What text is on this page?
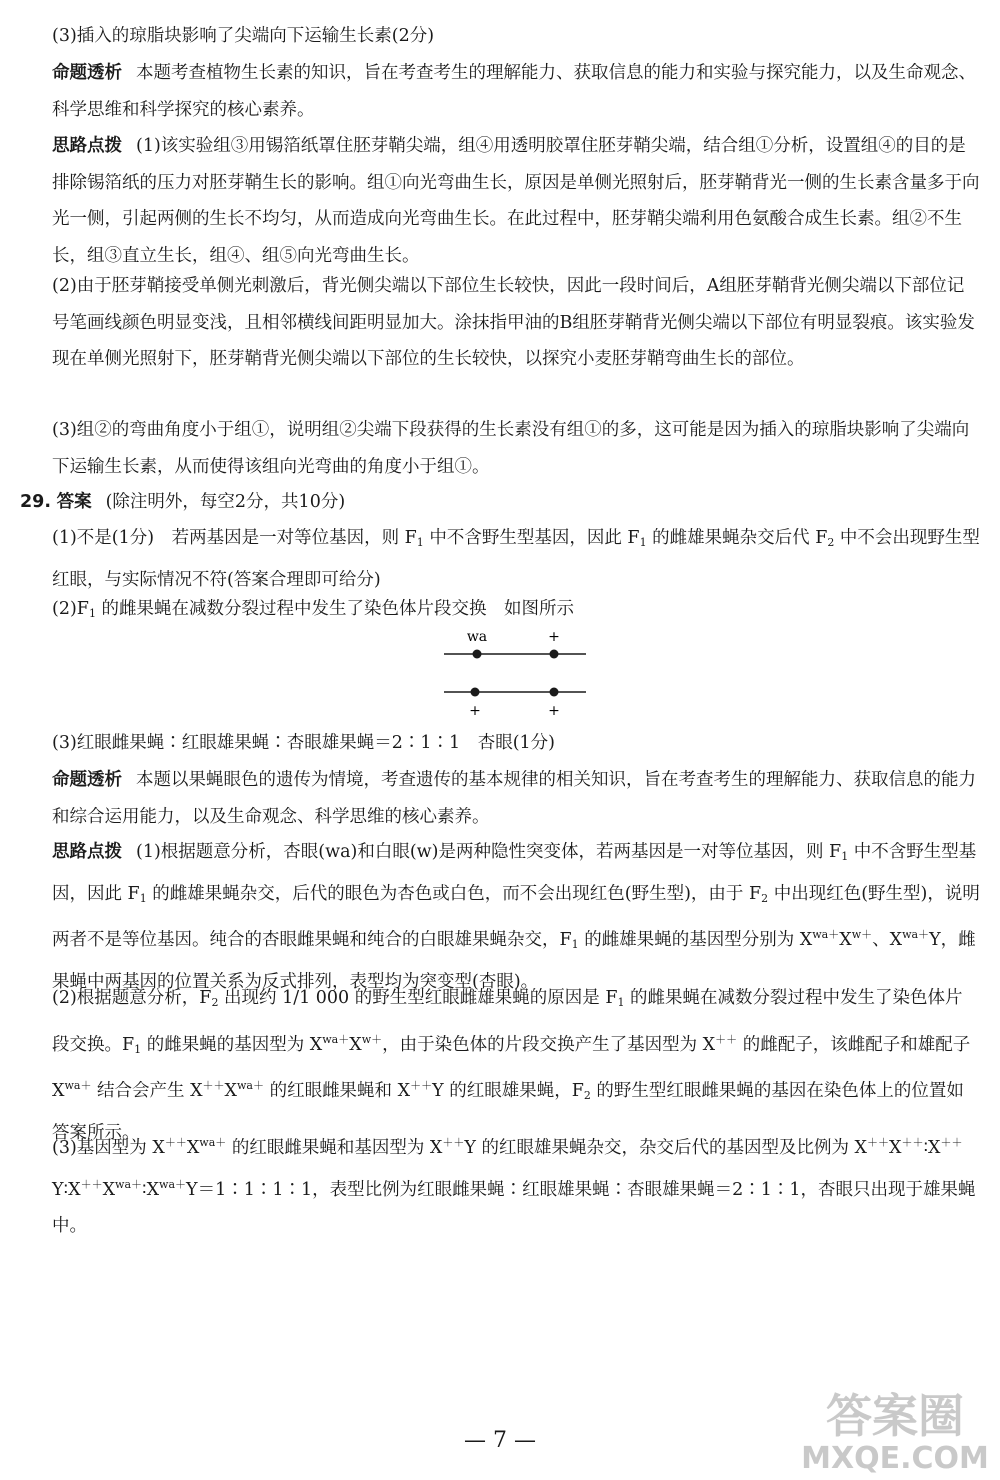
(3)插入的琼脂块影响了尖端向下运输生长素(2分)

命题透析 本题考查植物生长素的知识，旨在考查考生的理解能力、获取信息的能力和实验与探究能力，以及生命观念、科学思维和科学探究的核心素养。

思路点拨 (1)该实验组③用锡箔纸罩住胚芽鞘尖端，组④用透明胶罩住胚芽鞘尖端，结合组①分析，设置组④的目的是排除锡箔纸的压力对胚芽鞘生长的影响。组①向光弯曲生长，原因是单侧光照射后，胚芽鞘背光一侧的生长素含量多于向光一侧，引起两侧的生长不均匀，从而造成向光弯曲生长。在此过程中，胚芽鞘尖端利用色氨酸合成生长素。组②不生长，组③直立生长，组④、组⑤向光弯曲生长。

(2)由于胚芽鞘接受单侧光刺激后，背光侧尖端以下部位生长较快，因此一段时间后，A组胚芽鞘背光侧尖端以下部位记号笔画线颜色明显变浅，且相邻横线间距明显加大。涂抹指甲油的B组胚芽鞘背光侧尖端以下部位有明显裂痕。该实验发现在单侧光照射下，胚芽鞘背光侧尖端以下部位的生长较快，以探究小麦胚芽鞘弯曲生长的部位。

(3)组②的弯曲角度小于组①，说明组②尖端下段获得的生长素没有组①的多，这可能是因为插入的琼脂块影响了尖端向下运输生长素，从而使得该组向光弯曲的角度小于组①。

29. 答案 (除注明外，每空2分，共10分)

(1)不是(1分)　若两基因是一对等位基因，则 $F_1$ 中不含野生型基因，因此 $F_1$ 的雌雄果蝇杂交后代 $F_2$ 中不会出现野生型红眼，与实际情况不符(答案合理即可给分)

$(2)F_1$ 的雌果蝇在减数分裂过程中发生了染色体片段交换　如图所示

wa	+
+	+

(3)红眼雌果蝇∶红眼雄果蝇∶杏眼雄果蝇＝2∶1∶1　杏眼(1分)

命题透析 本题以果蝇眼色的遗传为情境，考查遗传的基本规律的相关知识，旨在考查考生的理解能力、获取信息的能力和综合运用能力，以及生命观念、科学思维的核心素养。

思路点拨 (1)根据题意分析，杏眼(wa)和白眼(w)是两种隐性突变体，若两基因是一对等位基因，则 $F_1$ 中不含野生型基因，因此 $F_1$ 的雌雄果蝇杂交，后代的眼色为杏色或白色，而不会出现红色(野生型)，由于 $F_2$ 中出现红色(野生型)，说明两者不是等位基因。纯合的杏眼雌果蝇和纯合的白眼雄果蝇杂交，$F_1$ 的雌雄果蝇的基因型分别为 $X^{wa+}X^{w+}$、$X^{wa+}Y$，雌果蝇中两基因的位置关系为反式排列，表型均为突变型(杏眼)。

(2)根据题意分析，$F_2$ 出现约 1/1 000 的野生型红眼雌雄果蝇的原因是 $F_1$ 的雌果蝇在减数分裂过程中发生了染色体片段交换。$F_1$ 的雌果蝇的基因型为 $X^{wa+}X^{w+}$，由于染色体的片段交换产生了基因型为 X＋＋ 的雌配子，该雌配子和雄配子 $X^{wa+}$ 结合会产生 $X^{++}X^{wa+}$ 的红眼雌果蝇和 X＋＋Y 的红眼雄果蝇，$F_2$ 的野生型红眼雌果蝇的基因在染色体上的位置如答案所示。

(3)基因型为 $X^{++}X^{wa+}$ 的红眼雌果蝇和基因型为 X＋＋Y 的红眼雄果蝇杂交，杂交后代的基因型及比例为 $X^{++}X^{++}∶X^{++}Y∶X^{++}X^{wa+}∶X^{wa+}Y=1∶1∶1∶1$，表型比例为红眼雌果蝇∶红眼雄果蝇∶杏眼雄果蝇＝2∶1∶1，杏眼只出现于雄果蝇中。

答案圈
MXQE.COM
— 7 —
